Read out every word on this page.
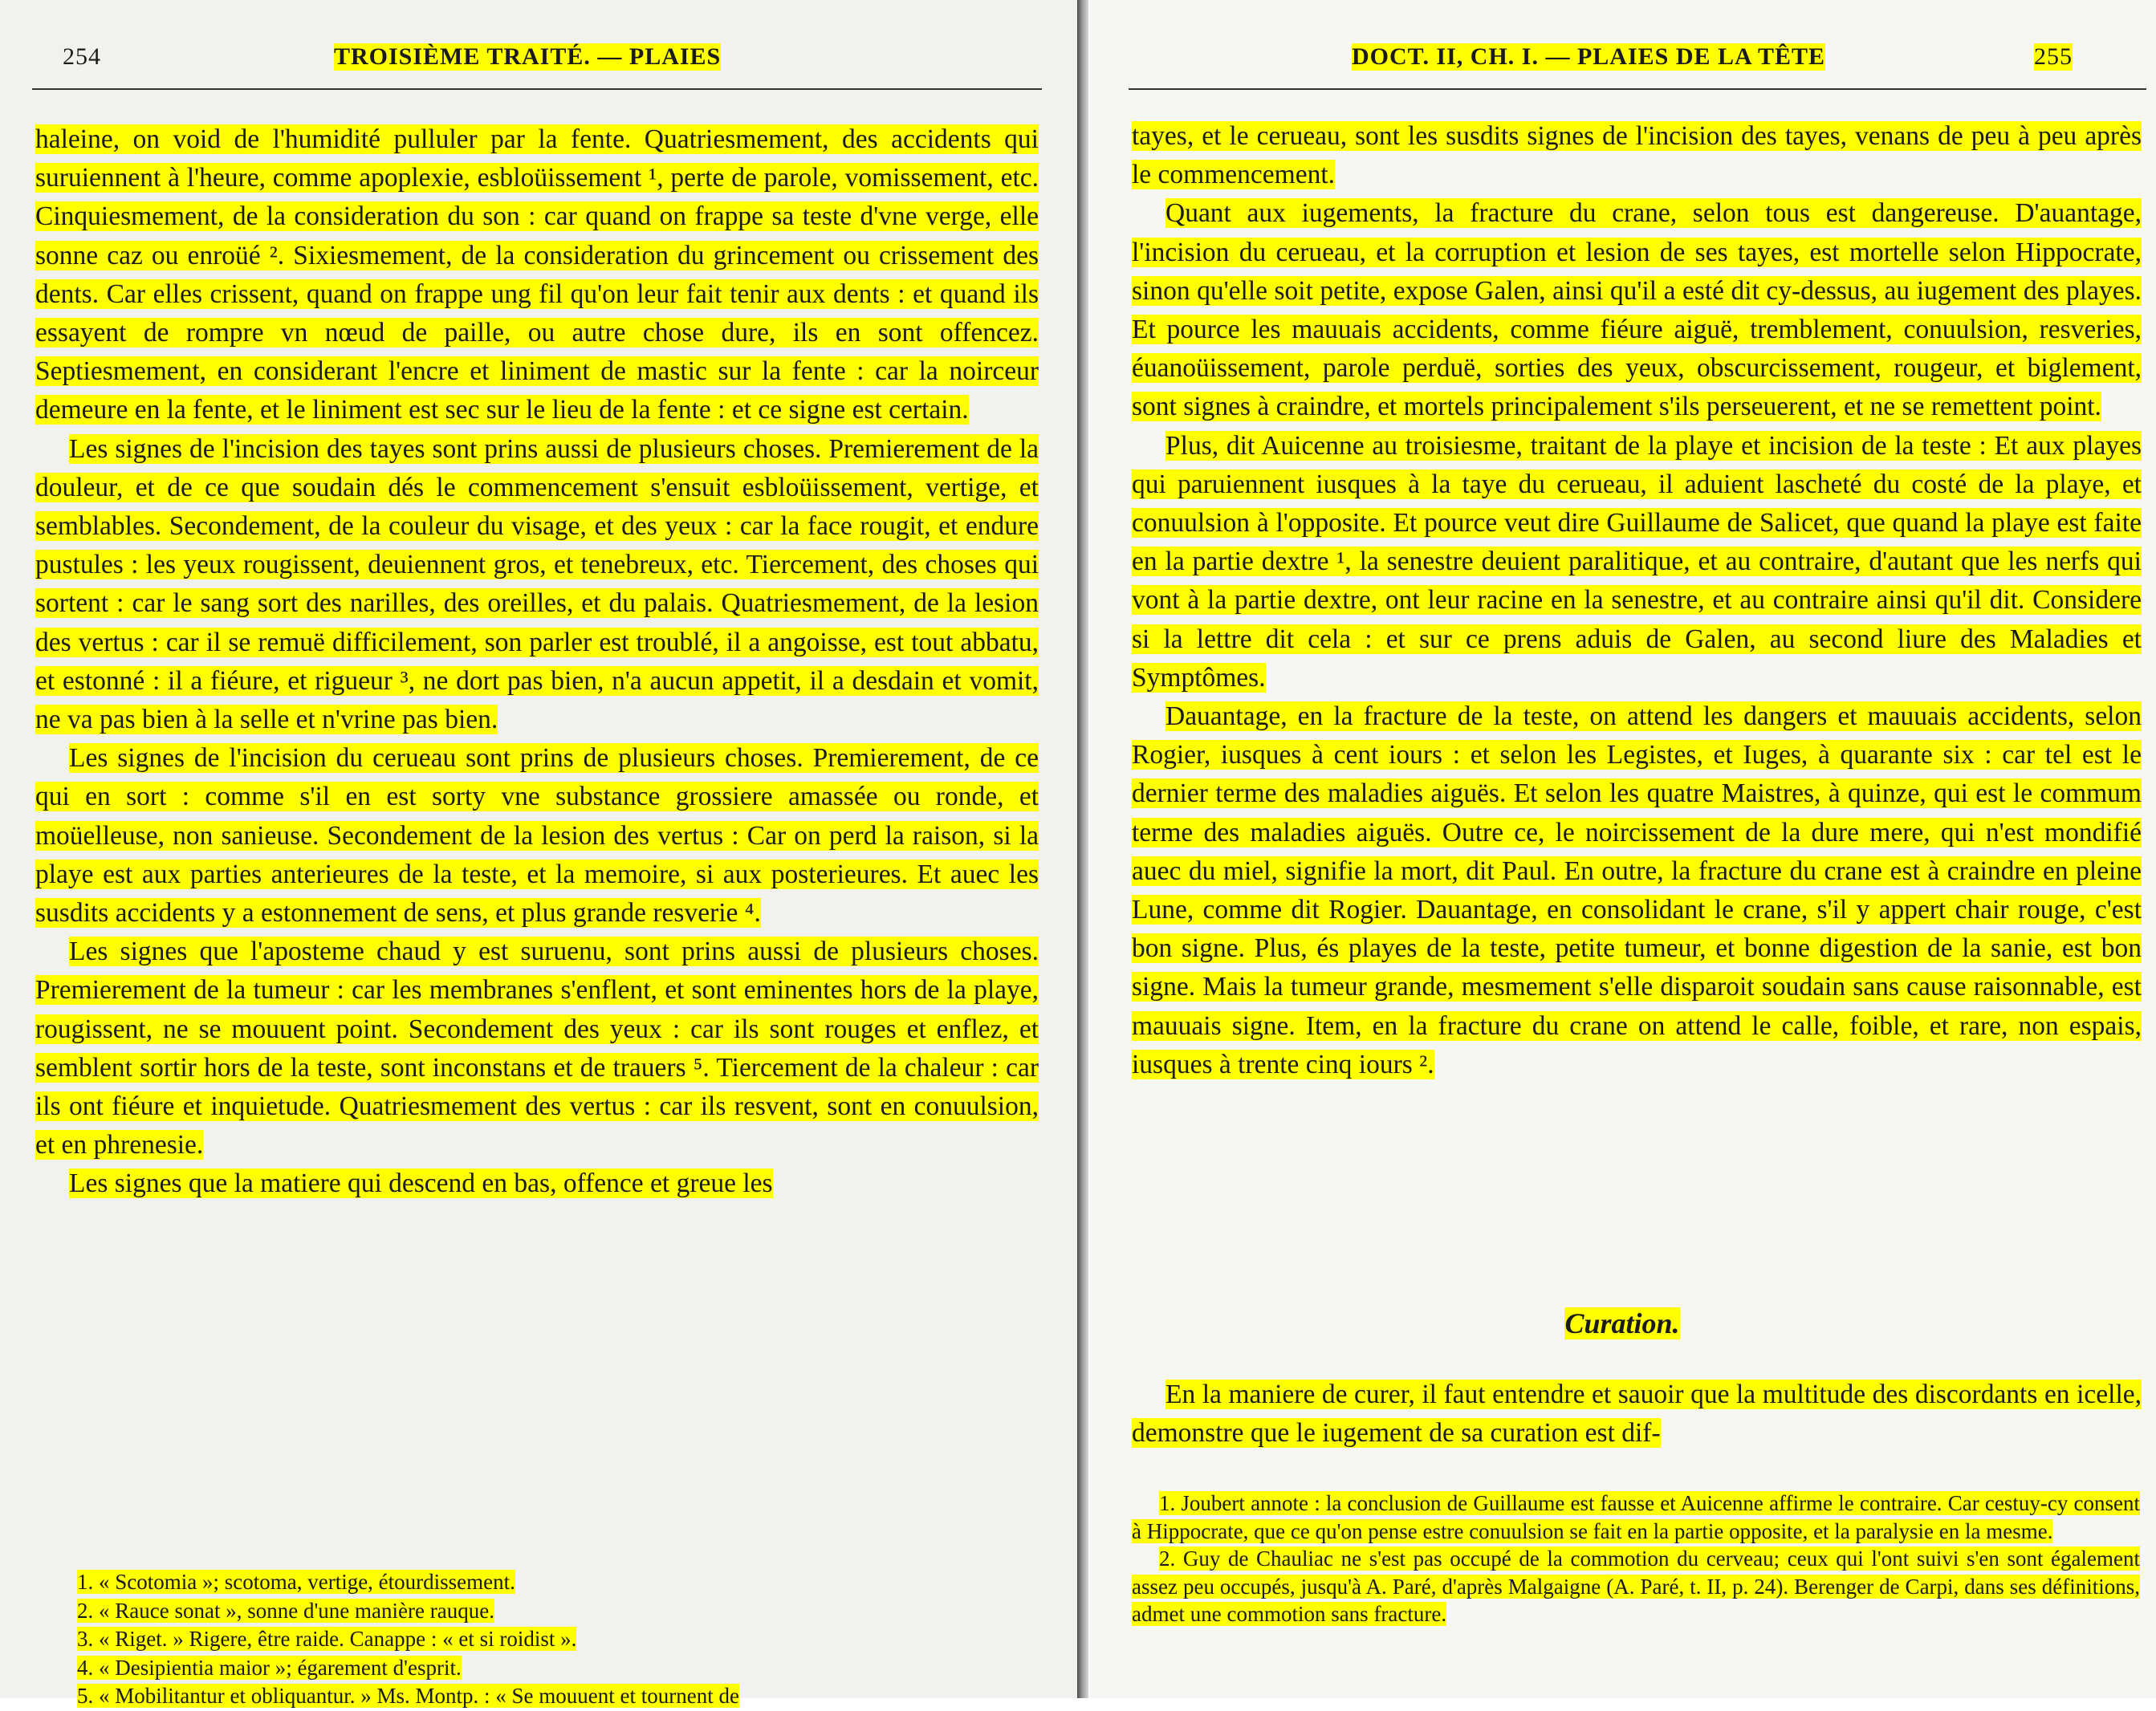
254	TROISIÈME TRAITÉ. — PLAIES

haleine, on void de l'humidité pulluler par la fente. Quatriesmement, des accidents qui suruiennent à l'heure, comme apoplexie, esbloüissement ¹, perte de parole, vomissement, etc. Cinquiesmement, de la consideration du son : car quand on frappe sa teste d'vne verge, elle sonne caz ou enroüé ². Sixiesmement, de la consideration du grincement ou crissement des dents. Car elles crissent, quand on frappe ung fil qu'on leur fait tenir aux dents : et quand ils essayent de rompre vn nœud de paille, ou autre chose dure, ils en sont offencez. Septiesmement, en considerant l'encre et liniment de mastic sur la fente : car la noirceur demeure en la fente, et le liniment est sec sur le lieu de la fente : et ce signe est certain.

Les signes de l'incision des tayes sont prins aussi de plusieurs choses. Premierement de la douleur, et de ce que soudain dés le commencement s'ensuit esbloüissement, vertige, et semblables. Secondement, de la couleur du visage, et des yeux : car la face rougit, et endure pustules : les yeux rougissent, deuiennent gros, et tenebreux, etc. Tiercement, des choses qui sortent : car le sang sort des narilles, des oreilles, et du palais. Quatriesmement, de la lesion des vertus : car il se remuë difficilement, son parler est troublé, il a angoisse, est tout abbatu, et estonné : il a fiéure, et rigueur ³, ne dort pas bien, n'a aucun appetit, il a desdain et vomit, ne va pas bien à la selle et n'vrine pas bien.

Les signes de l'incision du cerueau sont prins de plusieurs choses. Premierement, de ce qui en sort : comme s'il en est sorty vne substance grossiere amassée ou ronde, et moüelleuse, non sanieuse. Secondement de la lesion des vertus : Car on perd la raison, si la playe est aux parties anterieures de la teste, et la memoire, si aux posterieures. Et auec les susdits accidents y a estonnement de sens, et plus grande resverie ⁴.

Les signes que l'aposteme chaud y est suruenu, sont prins aussi de plusieurs choses. Premierement de la tumeur : car les membranes s'enflent, et sont eminentes hors de la playe, rougissent, ne se mouuent point. Secondement des yeux : car ils sont rouges et enflez, et semblent sortir hors de la teste, sont inconstans et de trauers ⁵. Tiercement de la chaleur : car ils ont fiéure et inquietude. Quatriesmement des vertus : car ils resvent, sont en conuulsion, et en phrenesie.

Les signes que la matiere qui descend en bas, offence et greue les

1. « Scotomia »; scotoma, vertige, étourdissement.

2. « Rauce sonat », sonne d'une manière rauque.

3. « Riget. » Rigere, être raide. Canappe : « et si roidist ».

4. « Desipientia maior »; égarement d'esprit.

5. « Mobilitantur et obliquantur. » Ms. Montp. : « Se mouuent et tournent de

DOCT. II, CH. I. — PLAIES DE LA TÊTE	255

tayes, et le cerueau, sont les susdits signes de l'incision des tayes, venans de peu à peu après le commencement.

Quant aux iugements, la fracture du crane, selon tous est dangereuse. D'auantage, l'incision du cerueau, et la corruption et lesion de ses tayes, est mortelle selon Hippocrate, sinon qu'elle soit petite, expose Galen, ainsi qu'il a esté dit cy-dessus, au iugement des playes. Et pource les mauuais accidents, comme fiéure aiguë, tremblement, conuulsion, resveries, éuanoüissement, parole perduë, sorties des yeux, obscurcissement, rougeur, et biglement, sont signes à craindre, et mortels principalement s'ils perseuerent, et ne se remettent point.

Plus, dit Auicenne au troisiesme, traitant de la playe et incision de la teste : Et aux playes qui paruiennent iusques à la taye du cerueau, il aduient lascheté du costé de la playe, et conuulsion à l'opposite. Et pource veut dire Guillaume de Salicet, que quand la playe est faite en la partie dextre ¹, la senestre deuient paralitique, et au contraire, d'autant que les nerfs qui vont à la partie dextre, ont leur racine en la senestre, et au contraire ainsi qu'il dit. Considere si la lettre dit cela : et sur ce prens aduis de Galen, au second liure des Maladies et Symptômes.

Dauantage, en la fracture de la teste, on attend les dangers et mauuais accidents, selon Rogier, iusques à cent iours : et selon les Legistes, et Iuges, à quarante six : car tel est le dernier terme des maladies aiguës. Et selon les quatre Maistres, à quinze, qui est le commum terme des maladies aiguës. Outre ce, le noircissement de la dure mere, qui n'est mondifié auec du miel, signifie la mort, dit Paul. En outre, la fracture du crane est à craindre en pleine Lune, comme dit Rogier. Dauantage, en consolidant le crane, s'il y appert chair rouge, c'est bon signe. Plus, és playes de la teste, petite tumeur, et bonne digestion de la sanie, est bon signe. Mais la tumeur grande, mesmement s'elle disparoit soudain sans cause raisonnable, est mauuais signe. Item, en la fracture du crane on attend le calle, foible, et rare, non espais, iusques à trente cinq iours ².

Curation.

En la maniere de curer, il faut entendre et sauoir que la multitude des discordants en icelle, demonstre que le iugement de sa curation est dif-

1. Joubert annote : la conclusion de Guillaume est fausse et Auicenne affirme le contraire. Car cestuy-cy consent à Hippocrate, que ce qu'on pense estre conuulsion se fait en la partie opposite, et la paralysie en la mesme.

2. Guy de Chauliac ne s'est pas occupé de la commotion du cerveau; ceux qui l'ont suivi s'en sont également assez peu occupés, jusqu'à A. Paré, d'après Malgaigne (A. Paré, t. II, p. 24). Berenger de Carpi, dans ses définitions, admet une commotion sans fracture.
